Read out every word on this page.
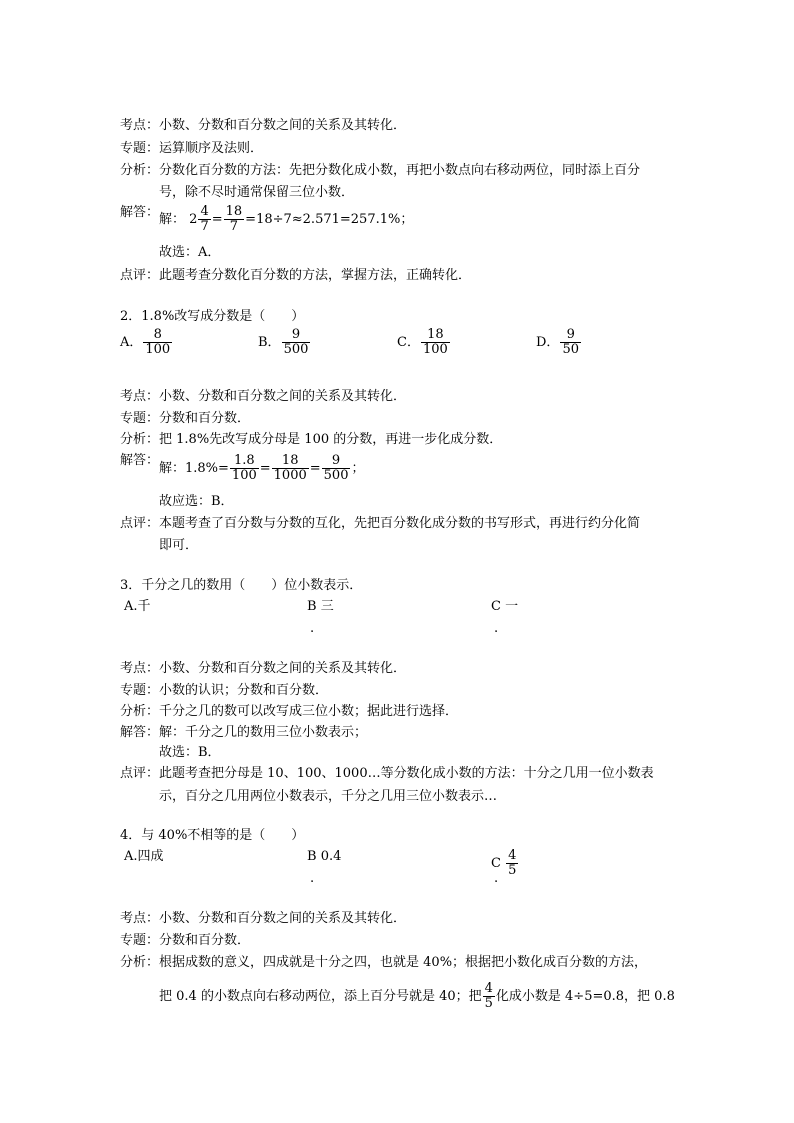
考点：小数、分数和百分数之间的关系及其转化．
专题：运算顺序及法则．
分析：分数化百分数的方法：先把分数化成小数，再把小数点向右移动两位，同时添上百分
号，除不尽时通常保留三位小数．
解答： 解： $2 \frac{4}{7} = \frac{18}{7} =18\div 7\approx 2.571=257.1\%$；
故选：A．
点评：此题考查分数化百分数的方法，掌握方法，正确转化．
2．1.8%改写成分数是（　　）
A． $\frac{8}{100}$	B． $\frac{9}{500}$	C． $\frac{18}{100}$	D． $\frac{9}{50}$
考点：小数、分数和百分数之间的关系及其转化．
专题：分数和百分数．
分析：把 1.8%先改写成分母是 100 的分数，再进一步化成分数．
解答：
解：$1.8\%= \frac{1.8}{100} = \frac{18}{1000} = \frac{9}{500}$ ；
故应选：B．
点评：本题考查了百分数与分数的互化，先把百分数化成分数的书写形式，再进行约分化简
即可．
3．千分之几的数用（　　）位小数表示．
A.千	B 三
.
C 一
.
考点：小数、分数和百分数之间的关系及其转化．
专题：小数的认识；分数和百分数．
分析：千分之几的数可以改写成三位小数；据此进行选择．
解答：解：千分之几的数用三位小数表示；
故选：B．
点评：此题考查把分母是 10、100、1000…等分数化成小数的方法：十分之几用一位小数表
示，百分之几用两位小数表示，千分之几用三位小数表示…
4．与 40%不相等的是（　　）
A.四成	B 0.4
.
C $\frac{4}{5}$
.
考点：小数、分数和百分数之间的关系及其转化．
专题：分数和百分数．
分析：根据成数的意义，四成就是十分之四，也就是 40%；根据把小数化成百分数的方法，
把 0.4 的小数点向右移动两位，添上百分号就是 40；把 $\frac{4}{5}$ 化成小数是 4÷5=0.8，把 0.8
